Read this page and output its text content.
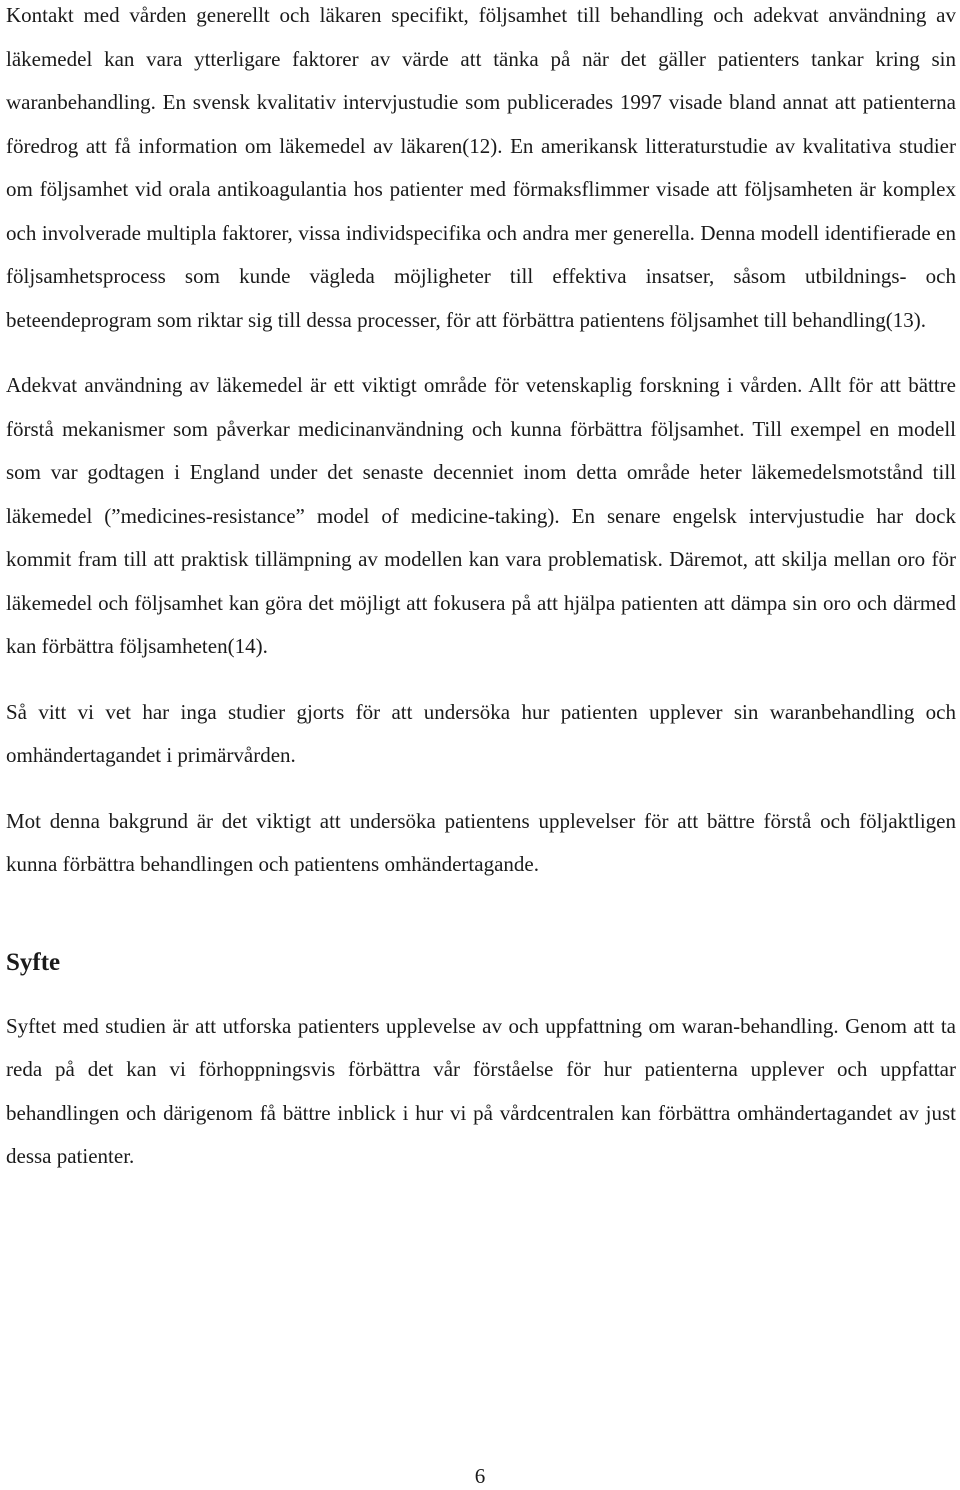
Kontakt med vården generellt och läkaren specifikt, följsamhet till behandling och adekvat användning av läkemedel kan vara ytterligare faktorer av värde att tänka på när det gäller patienters tankar kring sin waranbehandling. En svensk kvalitativ intervjustudie som publicerades 1997 visade bland annat att patienterna föredrog att få information om läkemedel av läkaren(12). En amerikansk litteraturstudie av kvalitativa studier om följsamhet vid orala antikoagulantia hos patienter med förmaksflimmer visade att följsamheten är komplex och involverade multipla faktorer, vissa individspecifika och andra mer generella. Denna modell identifierade en följsamhetsprocess som kunde vägleda möjligheter till effektiva insatser, såsom utbildnings- och beteendeprogram som riktar sig till dessa processer, för att förbättra patientens följsamhet till behandling(13).

Adekvat användning av läkemedel är ett viktigt område för vetenskaplig forskning i vården. Allt för att bättre förstå mekanismer som påverkar medicinanvändning och kunna förbättra följsamhet. Till exempel en modell som var godtagen i England under det senaste decenniet inom detta område heter läkemedelsmotstånd till läkemedel (”medicines-resistance” model of medicine-taking). En senare engelsk intervjustudie har dock kommit fram till att praktisk tillämpning av modellen kan vara problematisk. Däremot, att skilja mellan oro för läkemedel och följsamhet kan göra det möjligt att fokusera på att hjälpa patienten att dämpa sin oro och därmed kan förbättra följsamheten(14).

Så vitt vi vet har inga studier gjorts för att undersöka hur patienten upplever sin waranbehandling och omhändertagandet i primärvården.

Mot denna bakgrund är det viktigt att undersöka patientens upplevelser för att bättre förstå och följaktligen kunna förbättra behandlingen och patientens omhändertagande.

Syfte

Syftet med studien är att utforska patienters upplevelse av och uppfattning om waran-behandling. Genom att ta reda på det kan vi förhoppningsvis förbättra vår förståelse för hur patienterna upplever och uppfattar behandlingen och därigenom få bättre inblick i hur vi på vårdcentralen kan förbättra omhändertagandet av just dessa patienter.

6
